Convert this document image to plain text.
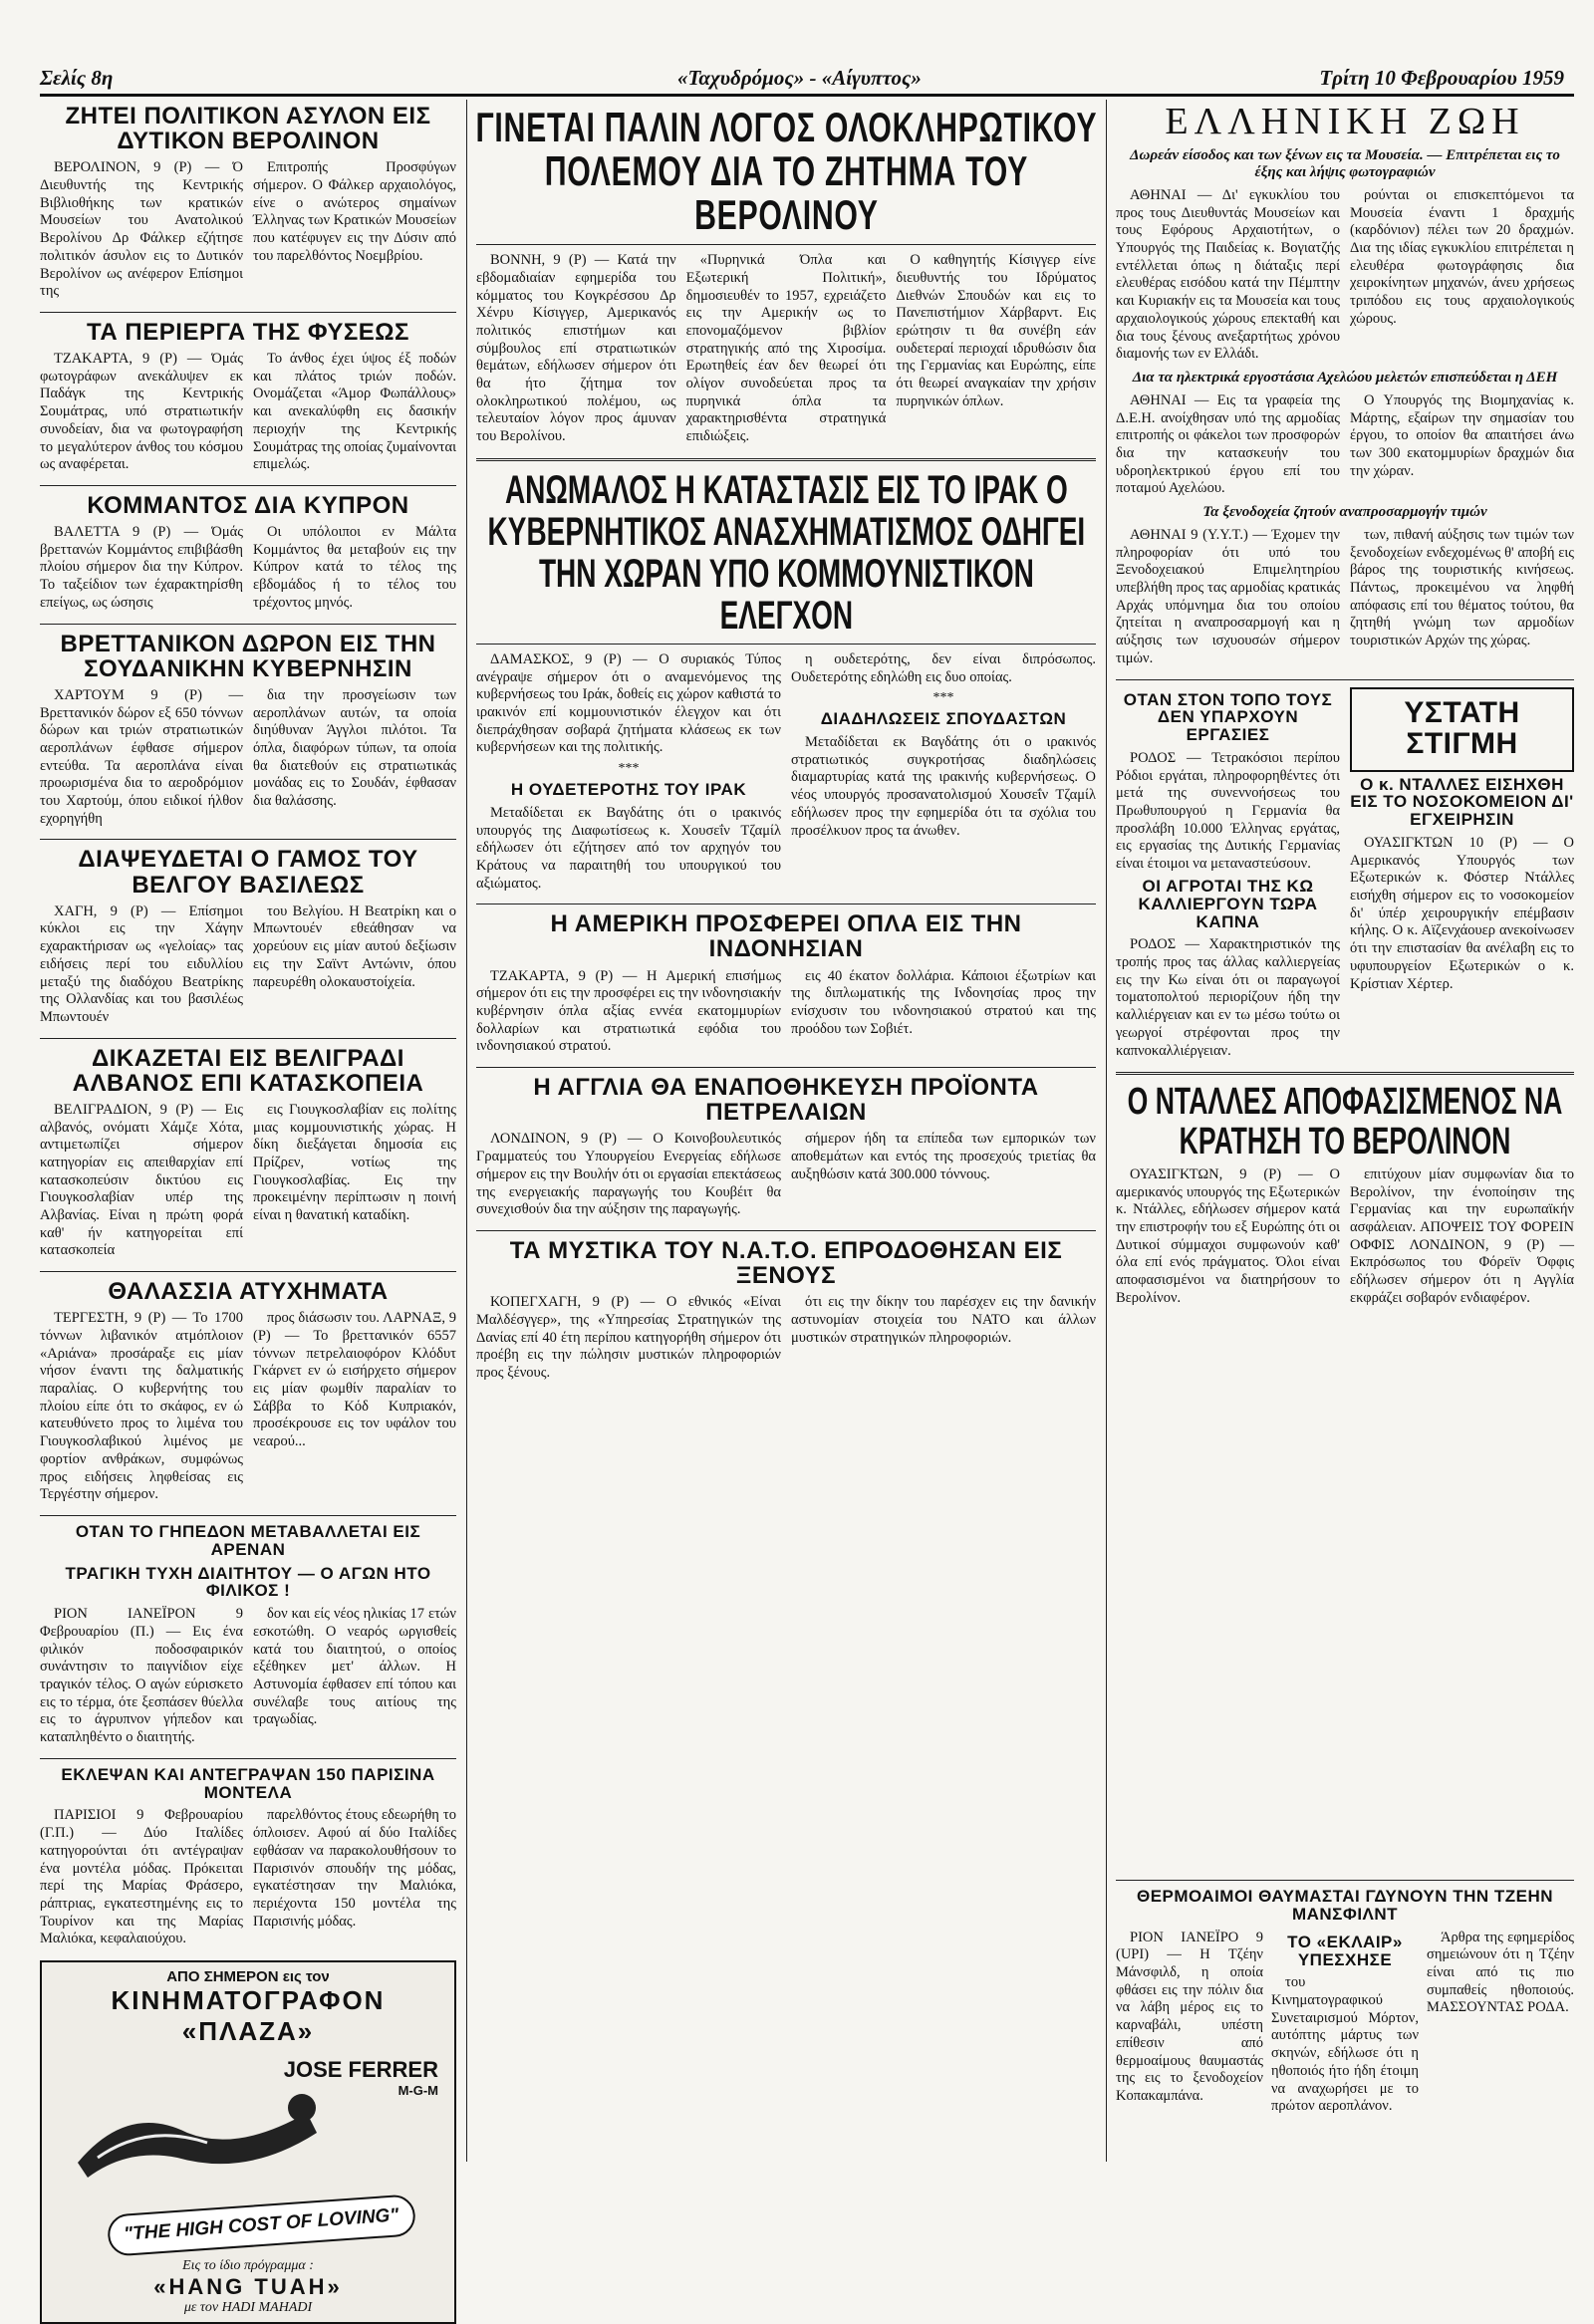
Σελίς 8η	«Ταχυδρόμος» - «Αίγυπτος»	Τρίτη 10 Φεβρουαρίου 1959
ΖΗΤΕΙ ΠΟΛΙΤΙΚΟΝ ΑΣΥΛΟΝ ΕΙΣ ΔΥΤΙΚΟΝ ΒΕΡΟΛΙΝΟΝ

ΒΕΡΟΛΙΝΟΝ, 9 (Ρ) — Ό Διευθυντής της Κεντρικής Βιβλιοθήκης των κρατικών Μουσείων του Ανατολικού Βερολίνου Δρ Φάλκερ εζήτησε πολιτικόν άσυλον εις το Δυτικόν Βερολίνον ως ανέφερον Επίσημοι της

Επιτροπής Προσφύγων σήμερον. Ο Φάλκερ αρχαιολόγος, είνε ο ανώτερος σημαίνων Έλληνας των Κρατικών Μουσείων που κατέφυγεν εις την Δύσιν από του παρελθόντος Νοεμβρίου.

ΤΑ ΠΕΡΙΕΡΓΑ ΤΗΣ ΦΥΣΕΩΣ

ΤΖΑΚΑΡΤΑ, 9 (Ρ) — Όμάς φωτογράφων ανεκάλυψεν εκ Παδάγκ της Κεντρικής Σουμάτρας, υπό στρατιωτικήν συνοδείαν, δια να φωτογραφήση το μεγαλύτερον άνθος του κόσμου ως αναφέρεται.

Το άνθος έχει ύψος έξ ποδών και πλάτος τριών ποδών. Ονομάζεται «Άμορ Φωπάλλους» και ανεκαλύφθη εις δασικήν περιοχήν της Κεντρικής Σουμάτρας της οποίας ζυμαίνονται επιμελώς.

ΚΟΜΜΑΝΤΟΣ ΔΙΑ ΚΥΠΡΟΝ

ΒΑΛΕΤΤΑ 9 (Ρ) — Όμάς βρεττανών Κομμάντος επιβιβάσθη πλοίου σήμερον δια την Κύπρον. Το ταξείδιον των έχαρακτηρίσθη επείγως, ως ώσησις

Οι υπόλοιποι εν Μάλτα Κομμάντος θα μεταβούν εις την Κύπρον κατά το τέλος της εβδομάδος ή το τέλος του τρέχοντος μηνός.

ΒΡΕΤΤΑΝΙΚΟΝ ΔΩΡΟΝ ΕΙΣ ΤΗΝ ΣΟΥΔΑΝΙΚΗΝ ΚΥΒΕΡΝΗΣΙΝ

ΧΑΡΤΟΥΜ 9 (Ρ) — Βρεττανικόν δώρον εξ 650 τόννων δώρων και τριών στρατιωτικών αεροπλάνων έφθασε σήμερον εντεύθα. Τα αεροπλάνα είναι προωρισμένα δια το αεροδρόμιον του Χαρτούμ, όπου ειδικοί ήλθον εχορηγήθη

δια την προσγείωσιν των αεροπλάνων αυτών, τα οποία διηύθυναν Άγγλοι πιλότοι. Τα όπλα, διαφόρων τύπων, τα οποία θα διατεθούν εις στρατιωτικάς μονάδας εις το Σουδάν, έφθασαν δια θαλάσσης.

ΔΙΑΨΕΥΔΕΤΑΙ Ο ΓΑΜΟΣ ΤΟΥ ΒΕΛΓΟΥ ΒΑΣΙΛΕΩΣ

ΧΑΓΗ, 9 (Ρ) — Επίσημοι κύκλοι εις την Χάγην εχαρακτήρισαν ως «γελοίας» τας ειδήσεις περί του ειδυλλίου μεταξύ της διαδόχου Βεατρίκης της Ολλανδίας και του βασιλέως Μπωντουέν

του Βελγίου. Η Βεατρίκη και ο Μπωντουέν εθεάθησαν να χορεύουν εις μίαν αυτού δεξίωσιν εις την Σαϊντ Αντώνιν, όπου παρευρέθη ολοκαυστοίχεία.

ΔΙΚΑΖΕΤΑΙ ΕΙΣ ΒΕΛΙΓΡΑΔΙ ΑΛΒΑΝΟΣ ΕΠΙ ΚΑΤΑΣΚΟΠΕΙΑ

ΒΕΛΙΓΡΑΔΙΟΝ, 9 (Ρ) — Εις αλβανός, ονόματι Χάμζε Χότα, αντιμετωπίζει σήμερον κατηγορίαν εις απειθαρχίαν επί κατασκοπεύσιν δικτύου εις Γιουγκοσλαβίαν υπέρ της Αλβανίας. Είναι η πρώτη φορά καθ' ήν κατηγορείται επί κατασκοπεία

εις Γιουγκοσλαβίαν εις πολίτης μιας κομμουνιστικής χώρας. Η δίκη διεξάγεται δημοσία εις Πρίζρεν, νοτίως της Γιουγκοσλαβίας. Εις την προκειμένην περίπτωσιν η ποινή είναι η θανατική καταδίκη.

ΘΑΛΑΣΣΙΑ ΑΤΥΧΗΜΑΤΑ

ΤΕΡΓΕΣΤΗ, 9 (Ρ) — Το 1700 τόννων λιβανικόν ατμόπλοιον «Αριάνα» προσάραξε εις μίαν νήσον έναντι της δαλματικής παραλίας. Ο κυβερνήτης του πλοίου είπε ότι το σκάφος, εν ώ κατευθύνετο προς το λιμένα του Γιουγκοσλαβικού λιμένος με φορτίον ανθράκων, συμφώνως προς ειδήσεις ληφθείσας εις Τεργέστην σήμερον.

προς διάσωσιν του. ΛΑΡΝΑΞ, 9 (Ρ) — Το βρεττανικόν 6557 τόννων πετρελαιοφόρον Κλόδυτ Γκάρνετ εν ώ εισήρχετο σήμερον εις μίαν φωμθίν παραλίαν το Σάββα το Κόδ Κυπριακόν, προσέκρουσε εις τον υφάλον του νεαρού...

ΟΤΑΝ ΤΟ ΓΗΠΕΔΟΝ ΜΕΤΑΒΑΛΛΕΤΑΙ ΕΙΣ ΑΡΕΝΑΝ
ΤΡΑΓΙΚΗ ΤΥΧΗ ΔΙΑΙΤΗΤΟΥ — Ο ΑΓΩΝ ΗΤΟ ΦΙΛΙΚΟΣ !

ΡΙΟΝ ΙΑΝΕΪΡΟΝ 9 Φεβρουαρίου (Π.) — Εις ένα φιλικόν ποδοσφαιρικόν συνάντησιν το παιγνίδιον είχε τραγικόν τέλος. Ο αγών εύρισκετο εις το τέρμα, ότε ξεσπάσεν θύελλα εις το άγρυπνον γήπεδον και καταπληθέντο ο διαιτητής.

δον και είς νέος ηλικίας 17 ετών εσκοτώθη. Ο νεαρός ωργισθείς κατά του διαιτητού, ο οποίος εξέθηκεν μετ' άλλων. Η Αστυνομία έφθασεν επί τόπου και συνέλαβε τους αιτίους της τραγωδίας.

ΕΚΛΕΨΑΝ ΚΑΙ ΑΝΤΕΓΡΑΨΑΝ 150 ΠΑΡΙΣΙΝΑ ΜΟΝΤΕΛΑ

ΠΑΡΙΣΙΟΙ 9 Φεβρουαρίου (Γ.Π.) — Δύο Ιταλίδες κατηγορούνται ότι αντέγραψαν ένα μοντέλα μόδας. Πρόκειται περί της Μαρίας Φράσερο, ράπτριας, εγκατεστημένης εις το Τουρίνον και της Μαρίας Μαλιόκα, κεφαλαιούχου.

παρελθόντος έτους εδεωρήθη το όπλοισεν. Αφού αί δύο Ιταλίδες εφθάσαν να παρακολουθήσουν το Παρισινόν σπουδήν της μόδας, εγκατέστησαν την Μαλιόκα, περιέχοντα 150 μοντέλα της Παρισινής μόδας.

ΑΠΟ ΣΗΜΕΡΟΝ εις τον
ΚΙΝΗΜΑΤΟΓΡΑΦΟΝ «ΠΛΑΖΑ»
JOSE FERRER
M-G-M
"THE HIGH COST OF LOVING"
Εις το ίδιο πρόγραμμα :
«HANG TUAH»
με τον HADI MAHADI
ΓΙΝΕΤΑΙ ΠΑΛΙΝ ΛΟΓΟΣ ΟΛΟΚΛΗΡΩΤΙΚΟΥ ΠΟΛΕΜΟΥ ΔΙΑ ΤΟ ΖΗΤΗΜΑ ΤΟΥ ΒΕΡΟΛΙΝΟΥ

ΒΟΝΝΗ, 9 (Ρ) — Κατά την εβδομαδιαίαν εφημερίδα του κόμματος του Κογκρέσσου Δρ Χένρυ Κίσιγγερ, Αμερικανός πολιτικός επιστήμων και σύμβουλος επί στρατιωτικών θεμάτων, εδήλωσεν σήμερον ότι θα ήτο ζήτημα τον ολοκληρωτικού πολέμου, ως τελευταίον λόγον προς άμυναν του Βερολίνου.

«Πυρηνικά Όπλα και Εξωτερική Πολιτική», δημοσιευθέν το 1957, εχρειάζετο εις την Αμερικήν ως το επονομαζόμενον βιβλίον στρατηγικής από της Χιροσίμα. Ερωτηθείς έαν δεν θεωρεί ότι ολίγον συνοδεύεται προς τα πυρηνικά όπλα τα χαρακτηρισθέντα στρατηγικά επιδιώξεις.

Ο καθηγητής Κίσιγγερ είνε διευθυντής του Ιδρύματος Διεθνών Σπουδών και εις το Πανεπιστήμιον Χάρβαρντ. Εις ερώτησιν τι θα συνέβη εάν ουδετεραί περιοχαί ιδρυθώσιν δια της Γερμανίας και Ευρώπης, είπε ότι θεωρεί αναγκαίαν την χρήσιν πυρηνικών όπλων.

ΑΝΩΜΑΛΟΣ Η ΚΑΤΑΣΤΑΣΙΣ ΕΙΣ ΤΟ ΙΡΑΚ Ο ΚΥΒΕΡΝΗΤΙΚΟΣ ΑΝΑΣΧΗΜΑΤΙΣΜΟΣ ΟΔΗΓΕΙ ΤΗΝ ΧΩΡΑΝ ΥΠΟ ΚΟΜΜΟΥΝΙΣΤΙΚΟΝ ΕΛΕΓΧΟΝ

ΔΑΜΑΣΚΟΣ, 9 (Ρ) — Ο συριακός Τύπος ανέγραψε σήμερον ότι ο αναμενόμενος της κυβερνήσεως του Ιράκ, δοθείς εις χώρον καθιστά το ιρακινόν επί κομμουνιστικόν έλεγχον και ότι διεπράχθησαν σοβαρά ζητήματα κλάσεως εκ των κυβερνήσεων και της πολιτικής.

***
Η ΟΥΔΕΤΕΡΟΤΗΣ ΤΟΥ ΙΡΑΚ

Μεταδίδεται εκ Βαγδάτης ότι ο ιρακινός υπουργός της Διαφωτίσεως κ. Χουσεΐν Τζαμίλ εδήλωσεν ότι εζήτησεν από τον αρχηγόν του Κράτους να παραιτηθή του υπουργικού του αξιώματος.

η ουδετερότης, δεν είναι διπρόσωπος. Ουδετερότης εδηλώθη εις δυο οποίας.

***
ΔΙΑΔΗΛΩΣΕΙΣ ΣΠΟΥΔΑΣΤΩΝ

Μεταδίδεται εκ Βαγδάτης ότι ο ιρακινός στρατιωτικός συγκροτήσας διαδηλώσεις διαμαρτυρίας κατά της ιρακινής κυβερνήσεως. Ο νέος υπουργός προσανατολισμού Χουσεΐν Τζαμίλ εδήλωσεν προς την εφημερίδα ότι τα σχόλια του προσέλκυον προς τα άνωθεν.

Η ΑΜΕΡΙΚΗ ΠΡΟΣΦΕΡΕΙ ΟΠΛΑ ΕΙΣ ΤΗΝ ΙΝΔΟΝΗΣΙΑΝ

ΤΖΑΚΑΡΤΑ, 9 (Ρ) — Η Αμερική επισήμως σήμερον ότι εις την προσφέρει εις την ινδονησιακήν κυβέρνησιν όπλα αξίας εννέα εκατομμυρίων δολλαρίων και στρατιωτικά εφόδια του ινδονησιακού στρατού.

εις 40 έκατον δολλάρια. Κάποιοι έξωτρίων και της διπλωματικής της Ινδονησίας προς την ενίσχυσιν του ινδονησιακού στρατού και της προόδου των Σοβιέτ.

Η ΑΓΓΛΙΑ ΘΑ ΕΝΑΠΟΘΗΚΕΥΣΗ ΠΡΟΪΟΝΤΑ ΠΕΤΡΕΛΑΙΩΝ

ΛΟΝΔΙΝΟΝ, 9 (Ρ) — Ο Κοινοβουλευτικός Γραμματεύς του Υπουργείου Ενεργείας εδήλωσε σήμερον εις την Βουλήν ότι οι εργασίαι επεκτάσεως της ενεργειακής παραγωγής του Κουβέιτ θα συνεχισθούν δια την αύξησιν της παραγωγής.

σήμερον ήδη τα επίπεδα των εμπορικών των αποθεμάτων και εντός της προσεχούς τριετίας θα αυξηθώσιν κατά 300.000 τόννους.

ΤΑ ΜΥΣΤΙΚΑ ΤΟΥ Ν.Α.Τ.Ο. ΕΠΡΟΔΟΘΗΣΑΝ ΕΙΣ ΞΕΝΟΥΣ

ΚΟΠΕΓΧΑΓΗ, 9 (Ρ) — Ο εθνικός «Είναι Μαλδέσγγερ», της «Υπηρεσίας Στρατηγικών της Δανίας επί 40 έτη περίπου κατηγορήθη σήμερον ότι προέβη εις την πώλησιν μυστικών πληροφοριών προς ξένους.

ότι εις την δίκην του παρέσχεν εις την δανικήν αστυνομίαν στοιχεία του ΝΑΤΟ και άλλων μυστικών στρατηγικών πληροφοριών.

ΕΛΛΗΝΙΚΗ ΖΩΗ
Δωρεάν είσοδος και των ξένων εις τα Μουσεία. — Επιτρέπεται εις το έξης και λήψις φωτογραφιών

ΑΘΗΝΑΙ — Δι' εγκυκλίου του προς τους Διευθυντάς Μουσείων και τους Εφόρους Αρχαιοτήτων, ο Υπουργός της Παιδείας κ. Βογιατζής εντέλλεται όπως η διάταξις περί ελευθέρας εισόδου κατά την Πέμπτην και Κυριακήν εις τα Μουσεία και τους αρχαιολογικούς χώρους επεκταθή και δια τους ξένους ανεξαρτήτως χρόνου διαμονής των εν Ελλάδι.

ρούνται οι επισκεπτόμενοι τα Μουσεία έναντι 1 δραχμής (καρδόνιον) πέλει των 20 δραχμών. Δια της ιδίας εγκυκλίου επιτρέπεται η ελευθέρα φωτογράφησις δια χειροκίνητων μηχανών, άνευ χρήσεως τριπόδου εις τους αρχαιολογικούς χώρους.

Δια τα ηλεκτρικά εργοστάσια Αχελώου μελετών επισπεύδεται η ΔΕΗ

ΑΘΗΝΑΙ — Εις τα γραφεία της Δ.Ε.Η. ανοίχθησαν υπό της αρμοδίας επιτροπής οι φάκελοι των προσφορών δια την κατασκευήν του υδροηλεκτρικού έργου επί του ποταμού Αχελώου.

Ο Υπουργός της Βιομηχανίας κ. Μάρτης, εξαίρων την σημασίαν του έργου, το οποίον θα απαιτήσει άνω των 300 εκατομμυρίων δραχμών δια την χώραν.

Τα ξενοδοχεία ζητούν αναπροσαρμογήν τιμών

ΑΘΗΝΑΙ 9 (Υ.Υ.Τ.) — Έχομεν την πληροφορίαν ότι υπό του Ξενοδοχειακού Επιμελητηρίου υπεβλήθη προς τας αρμοδίας κρατικάς Αρχάς υπόμνημα δια του οποίου ζητείται η αναπροσαρμογή και η αύξησις των ισχυουσών σήμερον τιμών.

των, πιθανή αύξησις των τιμών των ξενοδοχείων ενδεχομένως θ' αποβή εις βάρος της τουριστικής κινήσεως. Πάντως, προκειμένου να ληφθή απόφασις επί του θέματος τούτου, θα ζητηθή γνώμη των αρμοδίων τουριστικών Αρχών της χώρας.

ΟΤΑΝ ΣΤΟΝ ΤΟΠΟ ΤΟΥΣ ΔΕΝ ΥΠΑΡΧΟΥΝ ΕΡΓΑΣΙΕΣ

ΡΟΔΟΣ — Τετρακόσιοι περίπου Ρόδιοι εργάται, πληροφορηθέντες ότι μετά της συνεννοήσεως του Πρωθυπουργού η Γερμανία θα προσλάβη 10.000 Έλληνας εργάτας, εις εργασίας της Δυτικής Γερμανίας είναι έτοιμοι να μεταναστεύσουν.

ΟΙ ΑΓΡΟΤΑΙ ΤΗΣ ΚΩ ΚΑΛΛΙΕΡΓΟΥΝ ΤΩΡΑ ΚΑΠΝΑ

ΡΟΔΟΣ — Χαρακτηριστικόν της τροπής προς τας άλλας καλλιεργείας εις την Κω είναι ότι οι παραγωγοί τοματοπολτού περιορίζουν ήδη την καλλιέργειαν και εν τω μέσω τούτω οι γεωργοί στρέφονται προς την καπνοκαλλιέργειαν.

ΥΣΤΑΤΗ ΣΤΙΓΜΗ
Ο κ. ΝΤΑΛΛΕΣ ΕΙΣΗΧΘΗ ΕΙΣ ΤΟ ΝΟΣΟΚΟΜΕΙΟΝ ΔΙ' ΕΓΧΕΙΡΗΣΙΝ

ΟΥΑΣΙΓΚΤΩΝ 10 (Ρ) — Ο Αμερικανός Υπουργός των Εξωτερικών κ. Φόστερ Ντάλλες εισήχθη σήμερον εις το νοσοκομείον δι' ύπέρ χειρουργικήν επέμβασιν κήλης. Ο κ. Αϊζενχάουερ ανεκοίνωσεν ότι την επιστασίαν θα ανέλαβη εις το υφυπουργείον Εξωτερικών ο κ. Κρίστιαν Χέρτερ.

Ο ΝΤΑΛΛΕΣ ΑΠΟΦΑΣΙΣΜΕΝΟΣ ΝΑ ΚΡΑΤΗΣΗ ΤΟ ΒΕΡΟΛΙΝΟΝ

ΟΥΑΣΙΓΚΤΩΝ, 9 (Ρ) — Ο αμερικανός υπουργός της Εξωτερικών κ. Ντάλλες, εδήλωσεν σήμερον κατά την επιστροφήν του εξ Ευρώπης ότι οι Δυτικοί σύμμαχοι συμφωνούν καθ' όλα επί ενός πράγματος. Όλοι είναι αποφασισμένοι να διατηρήσουν το Βερολίνον.

επιτύχουν μίαν συμφωνίαν δια το Βερολίνον, την ένοποίησιν της Γερμανίας και την ευρωπαϊκήν ασφάλειαν. ΑΠΟΨΕΙΣ ΤΟΥ ΦΟΡΕΙΝ ΟΦΦΙΣ ΛΟΝΔΙΝΟΝ, 9 (Ρ) — Εκπρόσωπος του Φόρεϊν Όφφις εδήλωσεν σήμερον ότι η Αγγλία εκφράζει σοβαρόν ενδιαφέρον.

ΘΕΡΜΟΑΙΜΟΙ ΘΑΥΜΑΣΤΑΙ ΓΔΥΝΟΥΝ ΤΗΝ ΤΖΕΗΝ ΜΑΝΣΦΙΛΝΤ

ΡΙΟΝ ΙΑΝΕΪΡΟ 9 (UPI) — Η Τζέην Μάνσφιλδ, η οποία φθάσει εις την πόλιν δια να λάβη μέρος εις το καρναβάλι, υπέστη επίθεσιν από θερμοαίμους θαυμαστάς της εις το ξενοδοχείον Κοπακαμπάνα.

ΤΟ «ΕΚΛΑΙΡ» ΥΠΕΣΧΗΣΕ

του Κινηματογραφικού Συνεταιρισμού Μόρτον, αυτόπτης μάρτυς των σκηνών, εδήλωσε ότι η ηθοποιός ήτο ήδη έτοιμη να αναχωρήσει με το πρώτον αεροπλάνον.

Άρθρα της εφημερίδος σημειώνουν ότι η Τζέην είναι από τις πιο συμπαθείς ηθοποιούς. ΜΑΣΣΟΥΝΤΑΣ ΡΟΔΑ.
